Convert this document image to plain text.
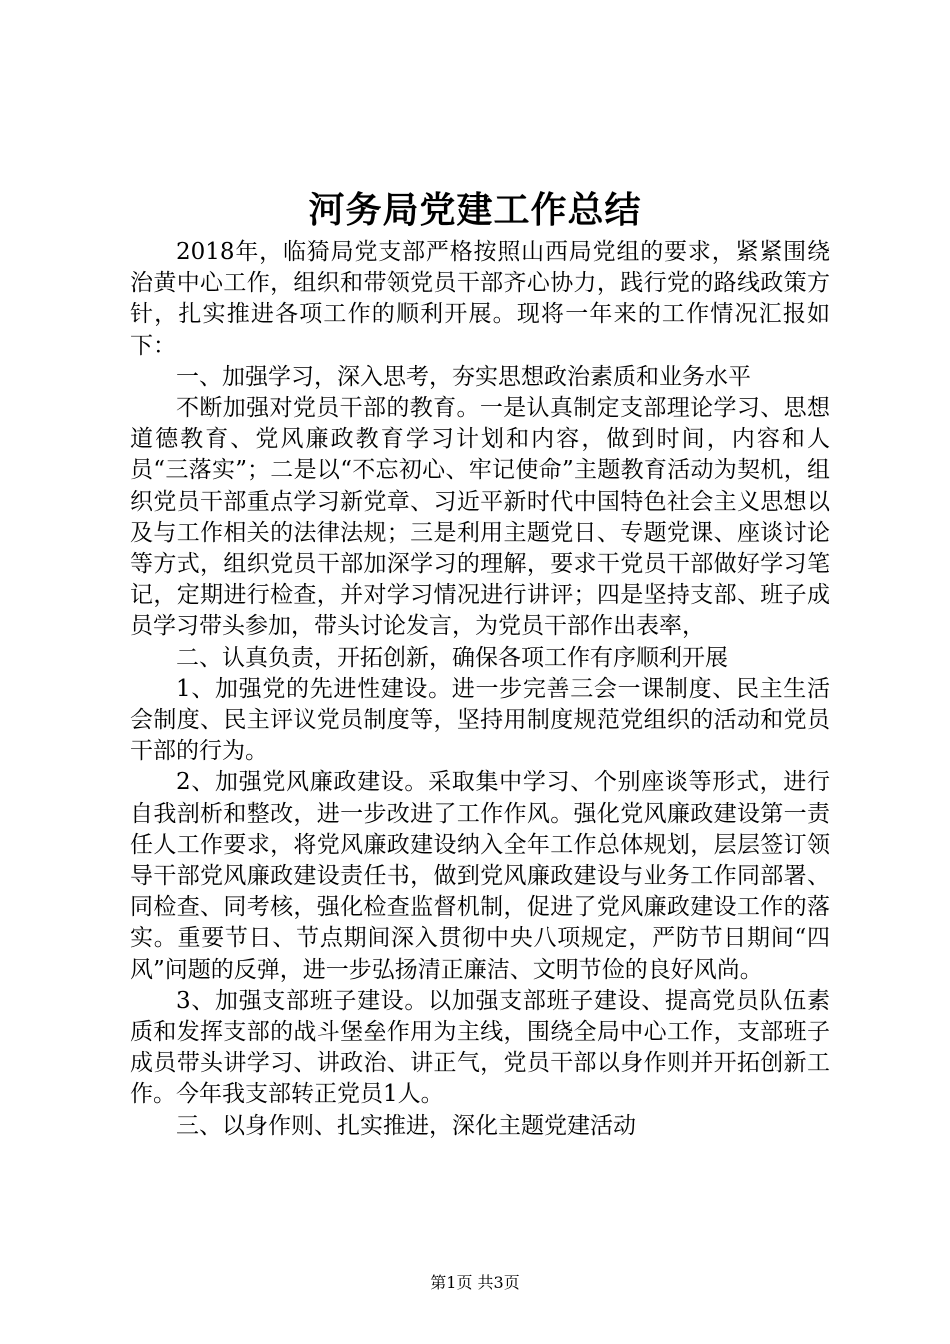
河务局党建工作总结

2018年，临猗局党支部严格按照山西局党组的要求，紧紧围绕治黄中心工作，组织和带领党员干部齐心协力，践行党的路线政策方针，扎实推进各项工作的顺利开展。现将一年来的工作情况汇报如下：

一、加强学习，深入思考，夯实思想政治素质和业务水平

不断加强对党员干部的教育。一是认真制定支部理论学习、思想道德教育、党风廉政教育学习计划和内容，做到时间，内容和人员“三落实”；二是以“不忘初心、牢记使命”主题教育活动为契机，组织党员干部重点学习新党章、习近平新时代中国特色社会主义思想以及与工作相关的法律法规；三是利用主题党日、专题党课、座谈讨论等方式，组织党员干部加深学习的理解，要求干党员干部做好学习笔记，定期进行检查，并对学习情况进行讲评；四是坚持支部、班子成员学习带头参加，带头讨论发言，为党员干部作出表率，

二、认真负责，开拓创新，确保各项工作有序顺利开展

1、加强党的先进性建设。进一步完善三会一课制度、民主生活会制度、民主评议党员制度等，坚持用制度规范党组织的活动和党员干部的行为。

2、加强党风廉政建设。采取集中学习、个别座谈等形式，进行自我剖析和整改，进一步改进了工作作风。强化党风廉政建设第一责任人工作要求，将党风廉政建设纳入全年工作总体规划，层层签订领导干部党风廉政建设责任书，做到党风廉政建设与业务工作同部署、同检查、同考核，强化检查监督机制，促进了党风廉政建设工作的落实。重要节日、节点期间深入贯彻中央八项规定，严防节日期间“四风”问题的反弹，进一步弘扬清正廉洁、文明节俭的良好风尚。

3、加强支部班子建设。以加强支部班子建设、提高党员队伍素质和发挥支部的战斗堡垒作用为主线，围绕全局中心工作，支部班子成员带头讲学习、讲政治、讲正气，党员干部以身作则并开拓创新工作。今年我支部转正党员1人。

三、以身作则、扎实推进，深化主题党建活动

第1页 共3页
